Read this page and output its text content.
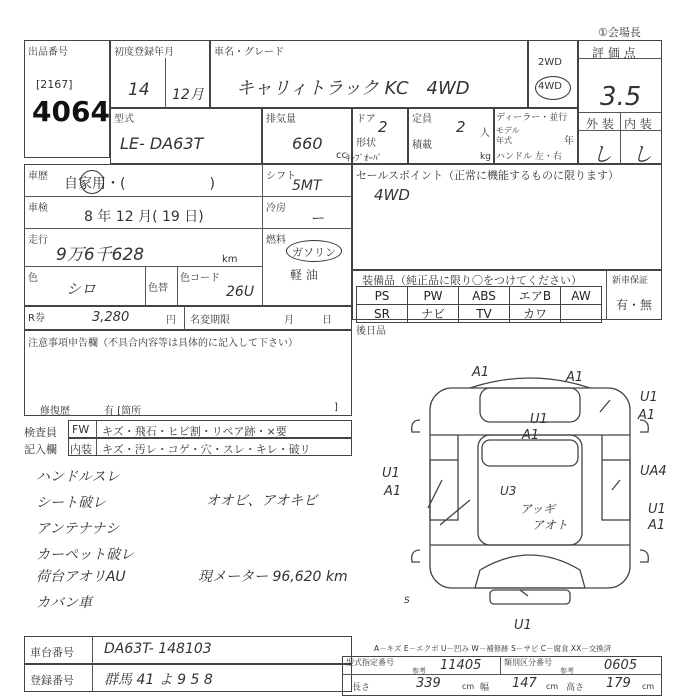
出品番号
[2167]
4064
初度登録年月
14 12月
車名・グレード
キャリィトラック KC　4WD
2WD
4WD
①会場長
評 価 点
3.5
外 装 内 装
し し
型式
LE- DA63T
排気量
660
cc
ドア 2
形状
ｷｬﾌﾞｵｰﾊﾞ
定員 2 人
積載
kg
ディーラー・並行
モデル
年式	年
ハンドル 左・右
車歴 自家用・(　　　　　　)
車検
8 年 12 月( 19 日)
走行
9万6千628	km
色
シロ	色替
色コード
26U
シフト
5MT
冷房
ー
燃料
ガソリン
軽 油
R券	3,280	円 名変期限	月	日
注意事項申告欄（不具合内容等は具体的に記入して下さい）
修復歴	有 [箇所	]
検査員
記入欄
FW キズ・飛石・ヒビ割・リペア跡・×要
内装 キズ・汚レ・コゲ・穴・スレ・キレ・破リ
ハンドルスレ
シート破レ
アンテナナシ
カーペット破レ
荷台アオリAU
カバン車
オオビ、アオキビ
現メーター 96,620 km
セールスポイント（正常に機能するものに限ります）
4WD
装備品（純正品に限り〇をつけてください）
PS	PW	ABS	エアB	AW
SR	ナビ	TV	カワ	
新車保証
有・無
後日品
A1	A1
U1
A1
U1
A1
U1
A1
UA4
U1
A1
U1
U3
アッギ
アオト
S
A－キズ E－エクボ U－凹み W－補修跡 S－サビ C－腐食 XX－交換済
車台番号 DA63T- 148103
登録番号 群馬 41 よ 9 5 8
型式指定番号
参考 11405	類別区分番号
参考 0605
長さ	339	cm 幅 147 cm 高さ 179 cm
